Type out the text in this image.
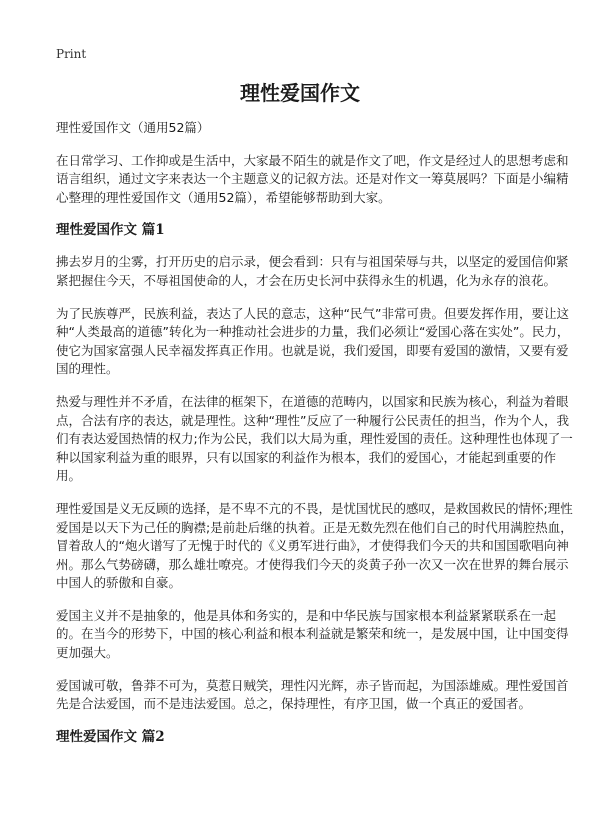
Print
理性爱国作文

理性爱国作文（通用52篇）

在日常学习、工作抑或是生活中，大家最不陌生的就是作文了吧，作文是经过人的思想考虑和语言组织，通过文字来表达一个主题意义的记叙方法。还是对作文一筹莫展吗？下面是小编精心整理的理性爱国作文（通用52篇），希望能够帮助到大家。

理性爱国作文 篇1

拂去岁月的尘雾，打开历史的启示录，便会看到：只有与祖国荣辱与共，以坚定的爱国信仰紧紧把握住今天，不辱祖国使命的人，才会在历史长河中获得永生的机遇，化为永存的浪花。

为了民族尊严，民族利益，表达了人民的意志，这种“民气”非常可贵。但要发挥作用，要让这种“人类最高的道德”转化为一种推动社会进步的力量，我们必须让“爱国心落在实处”。民力，使它为国家富强人民幸福发挥真正作用。也就是说，我们爱国，即要有爱国的激情，又要有爱国的理性。

热爱与理性并不矛盾，在法律的框架下，在道德的范畴内，以国家和民族为核心，利益为着眼点，合法有序的表达，就是理性。这种“理性”反应了一种履行公民责任的担当，作为个人，我们有表达爱国热情的权力;作为公民，我们以大局为重，理性爱国的责任。这种理性也体现了一种以国家利益为重的眼界，只有以国家的利益作为根本，我们的爱国心，才能起到重要的作用。

理性爱国是义无反顾的选择，是不卑不亢的不畏，是忧国忧民的感叹，是救国救民的情怀;理性爱国是以天下为己任的胸襟;是前赴后继的执着。正是无数先烈在他们自己的时代用满腔热血，冒着敌人的“炮火谱写了无愧于时代的《义勇军进行曲》，才使得我们今天的共和国国歌唱向神州。那么气势磅礴，那么雄壮嘹亮。才使得我们今天的炎黄子孙一次又一次在世界的舞台展示中国人的骄傲和自豪。

爱国主义并不是抽象的，他是具体和务实的，是和中华民族与国家根本利益紧紧联系在一起的。在当今的形势下，中国的核心利益和根本利益就是繁荣和统一，是发展中国，让中国变得更加强大。

爱国诚可敬，鲁莽不可为，莫惹日贼笑，理性闪光辉，赤子皆而起，为国添雄威。理性爱国首先是合法爱国，而不是违法爱国。总之，保持理性，有序卫国，做一个真正的爱国者。

理性爱国作文 篇2
